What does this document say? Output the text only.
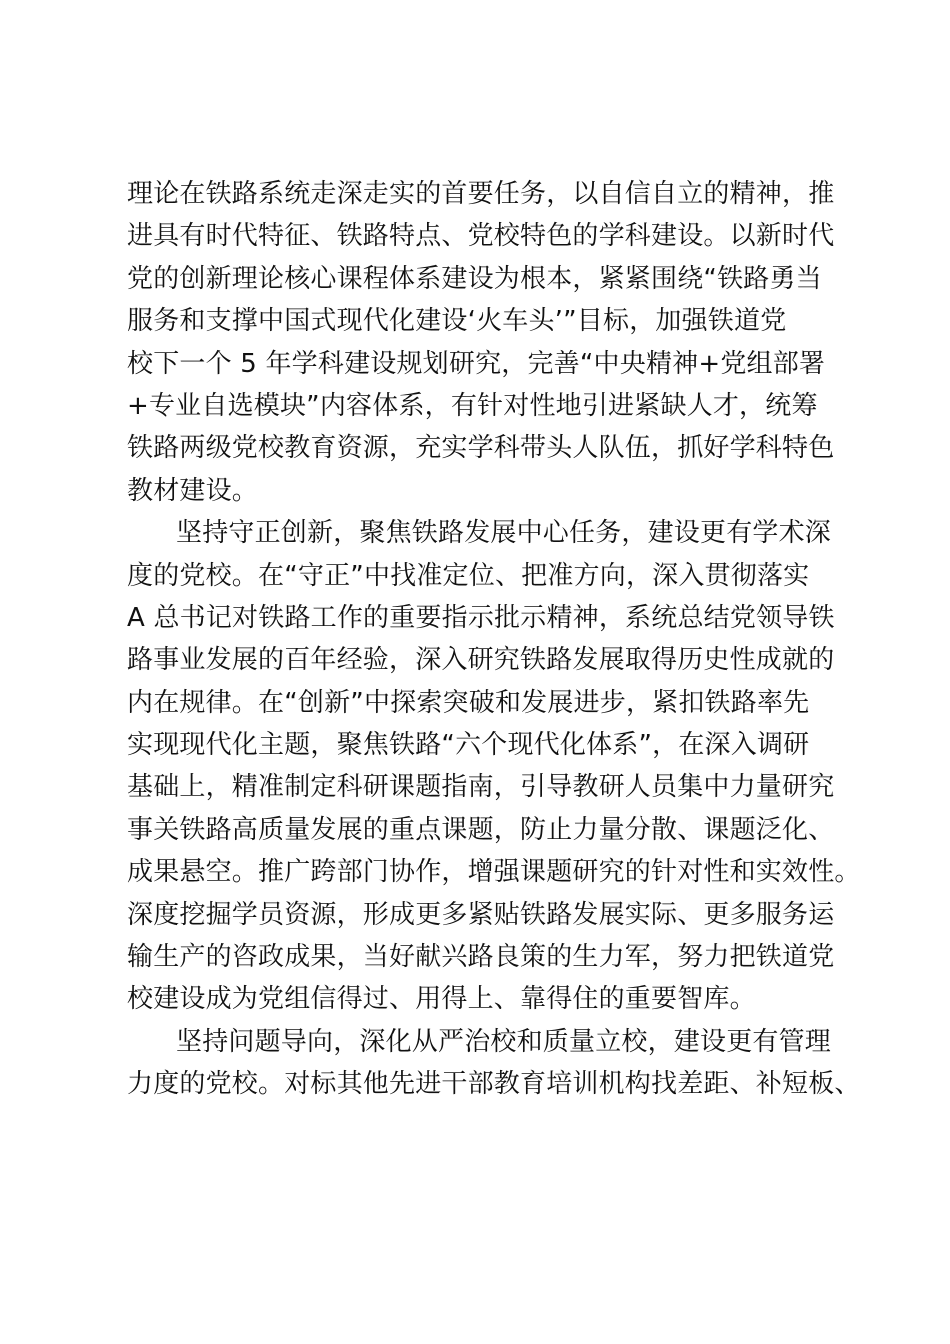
理论在铁路系统走深走实的首要任务，以自信自立的精神，推
进具有时代特征、铁路特点、党校特色的学科建设。以新时代
党的创新理论核心课程体系建设为根本，紧紧围绕“铁路勇当
服务和支撑中国式现代化建设‘火车头’”目标，加强铁道党
校下一个 5 年学科建设规划研究，完善“中央精神+党组部署
+专业自选模块”内容体系，有针对性地引进紧缺人才，统筹
铁路两级党校教育资源，充实学科带头人队伍，抓好学科特色
教材建设。
坚持守正创新，聚焦铁路发展中心任务，建设更有学术深
度的党校。在“守正”中找准定位、把准方向，深入贯彻落实
A 总书记对铁路工作的重要指示批示精神，系统总结党领导铁
路事业发展的百年经验，深入研究铁路发展取得历史性成就的
内在规律。在“创新”中探索突破和发展进步，紧扣铁路率先
实现现代化主题，聚焦铁路“六个现代化体系”，在深入调研
基础上，精准制定科研课题指南，引导教研人员集中力量研究
事关铁路高质量发展的重点课题，防止力量分散、课题泛化、
成果悬空。推广跨部门协作，增强课题研究的针对性和实效性。
深度挖掘学员资源，形成更多紧贴铁路发展实际、更多服务运
输生产的咨政成果，当好献兴路良策的生力军，努力把铁道党
校建设成为党组信得过、用得上、靠得住的重要智库。
坚持问题导向，深化从严治校和质量立校，建设更有管理
力度的党校。对标其他先进干部教育培训机构找差距、补短板、
